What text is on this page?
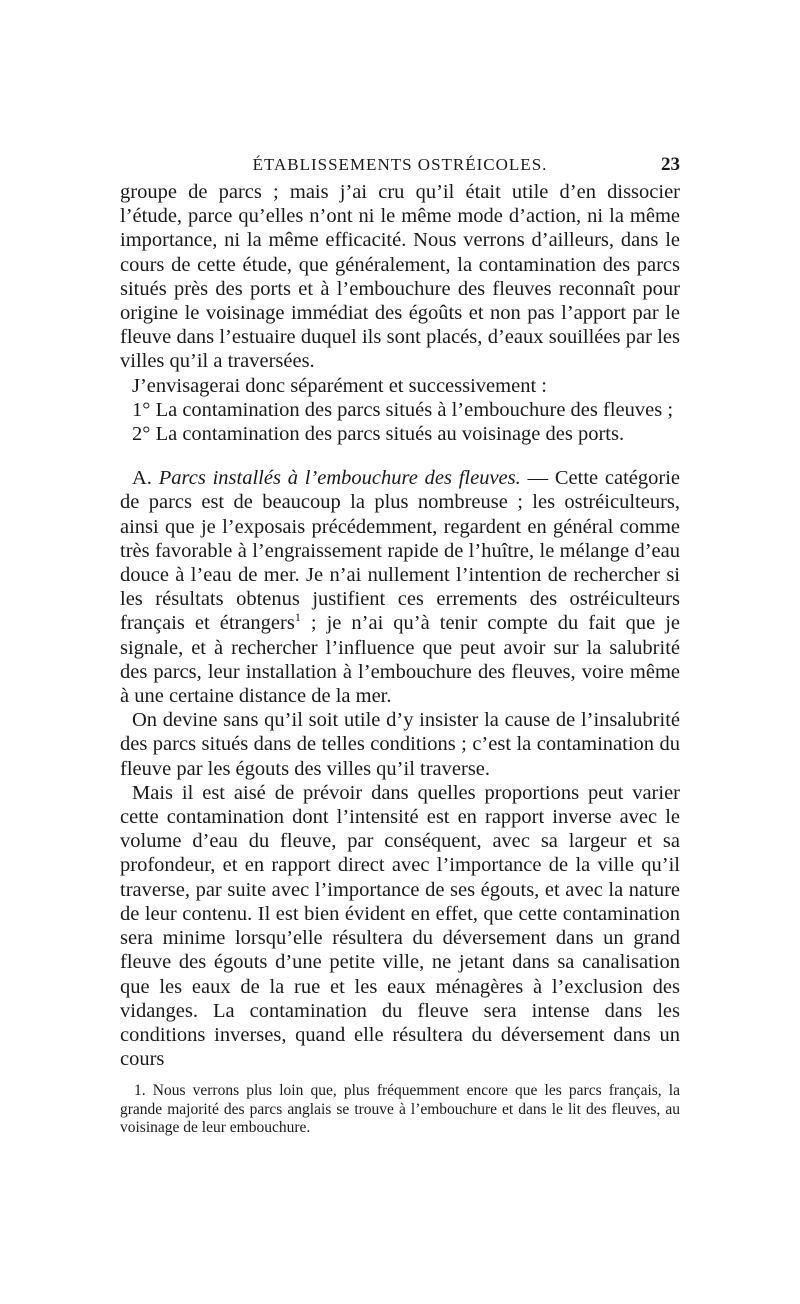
ÉTABLISSEMENTS OSTRÉICOLES.	23

groupe de parcs ; mais j’ai cru qu’il était utile d’en dissocier l’étude, parce qu’elles n’ont ni le même mode d’action, ni la même importance, ni la même efficacité. Nous verrons d’ailleurs, dans le cours de cette étude, que généralement, la contamination des parcs situés près des ports et à l’embouchure des fleuves reconnaît pour origine le voisinage immédiat des égoûts et non pas l’apport par le fleuve dans l’estuaire duquel ils sont placés, d’eaux souillées par les villes qu’il a traversées.

J’envisagerai donc séparément et successivement :

1° La contamination des parcs situés à l’embouchure des fleuves ;

2° La contamination des parcs situés au voisinage des ports.

A. Parcs installés à l’embouchure des fleuves. — Cette catégorie de parcs est de beaucoup la plus nombreuse ; les ostréiculteurs, ainsi que je l’exposais précédemment, regardent en général comme très favorable à l’engraissement rapide de l’huître, le mélange d’eau douce à l’eau de mer. Je n’ai nullement l’intention de rechercher si les résultats obtenus justifient ces errements des ostréiculteurs français et étrangers$^1$ ; je n’ai qu’à tenir compte du fait que je signale, et à rechercher l’influence que peut avoir sur la salubrité des parcs, leur installation à l’embouchure des fleuves, voire même à une certaine distance de la mer.

On devine sans qu’il soit utile d’y insister la cause de l’insalubrité des parcs situés dans de telles conditions ; c’est la contamination du fleuve par les égouts des villes qu’il traverse.

Mais il est aisé de prévoir dans quelles proportions peut varier cette contamination dont l’intensité est en rapport inverse avec le volume d’eau du fleuve, par conséquent, avec sa largeur et sa profondeur, et en rapport direct avec l’importance de la ville qu’il traverse, par suite avec l’importance de ses égouts, et avec la nature de leur contenu. Il est bien évident en effet, que cette contamination sera minime lorsqu’elle résultera du déversement dans un grand fleuve des égouts d’une petite ville, ne jetant dans sa canalisation que les eaux de la rue et les eaux ménagères à l’exclusion des vidanges. La contamination du fleuve sera intense dans les conditions inverses, quand elle résultera du déversement dans un cours

1. Nous verrons plus loin que, plus fréquemment encore que les parcs français, la grande majorité des parcs anglais se trouve à l’embouchure et dans le lit des fleuves, au voisinage de leur embouchure.
